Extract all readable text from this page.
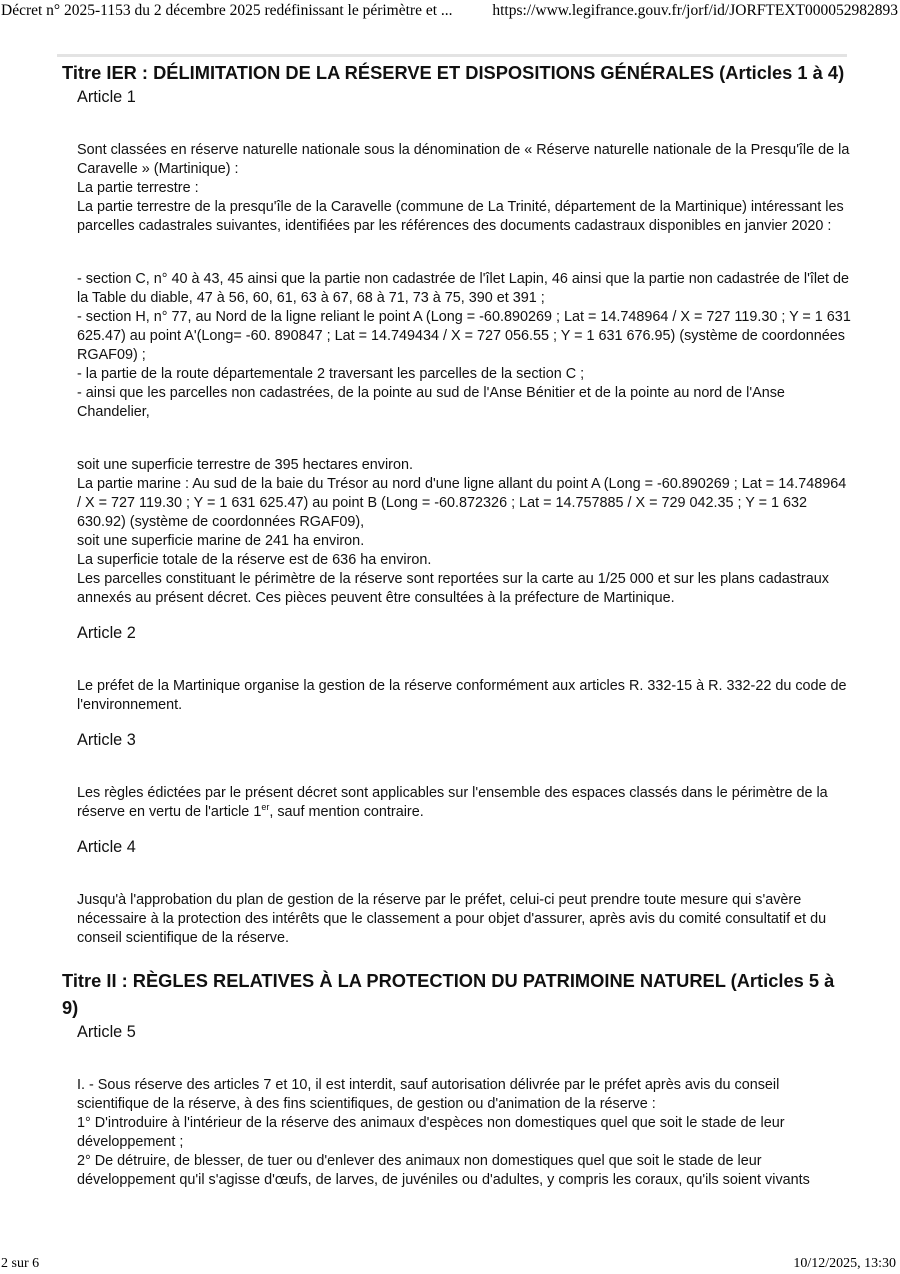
Décret n° 2025-1153 du 2 décembre 2025 redéfinissant le périmètre et ...	https://www.legifrance.gouv.fr/jorf/id/JORFTEXT000052982893
Titre IER : DÉLIMITATION DE LA RÉSERVE ET DISPOSITIONS GÉNÉRALES (Articles 1 à 4)
Article 1

Sont classées en réserve naturelle nationale sous la dénomination de « Réserve naturelle nationale de la Presqu'île de la Caravelle » (Martinique) :

La partie terrestre :

La partie terrestre de la presqu'île de la Caravelle (commune de La Trinité, département de la Martinique) intéressant les parcelles cadastrales suivantes, identifiées par les références des documents cadastraux disponibles en janvier 2020 :

- section C, n° 40 à 43, 45 ainsi que la partie non cadastrée de l'îlet Lapin, 46 ainsi que la partie non cadastrée de l'îlet de la Table du diable, 47 à 56, 60, 61, 63 à 67, 68 à 71, 73 à 75, 390 et 391 ;

- section H, n° 77, au Nord de la ligne reliant le point A (Long = -60.890269 ; Lat = 14.748964 / X = 727 119.30 ; Y = 1 631 625.47) au point A'(Long= -60. 890847 ; Lat = 14.749434 / X = 727 056.55 ; Y = 1 631 676.95) (système de coordonnées RGAF09) ;

- la partie de la route départementale 2 traversant les parcelles de la section C ;

- ainsi que les parcelles non cadastrées, de la pointe au sud de l'Anse Bénitier et de la pointe au nord de l'Anse Chandelier,

soit une superficie terrestre de 395 hectares environ.

La partie marine : Au sud de la baie du Trésor au nord d'une ligne allant du point A (Long = -60.890269 ; Lat = 14.748964 / X = 727 119.30 ; Y = 1 631 625.47) au point B (Long = -60.872326 ; Lat = 14.757885 / X = 729 042.35 ; Y = 1 632 630.92) (système de coordonnées RGAF09),

soit une superficie marine de 241 ha environ.

La superficie totale de la réserve est de 636 ha environ.

Les parcelles constituant le périmètre de la réserve sont reportées sur la carte au 1/25 000 et sur les plans cadastraux annexés au présent décret. Ces pièces peuvent être consultées à la préfecture de Martinique.

Article 2

Le préfet de la Martinique organise la gestion de la réserve conformément aux articles R. 332-15 à R. 332-22 du code de l'environnement.

Article 3

Les règles édictées par le présent décret sont applicables sur l'ensemble des espaces classés dans le périmètre de la réserve en vertu de l'article 1er, sauf mention contraire.

Article 4

Jusqu'à l'approbation du plan de gestion de la réserve par le préfet, celui-ci peut prendre toute mesure qui s'avère nécessaire à la protection des intérêts que le classement a pour objet d'assurer, après avis du comité consultatif et du conseil scientifique de la réserve.

Titre II : RÈGLES RELATIVES À LA PROTECTION DU PATRIMOINE NATUREL (Articles 5 à 9)
Article 5

I. - Sous réserve des articles 7 et 10, il est interdit, sauf autorisation délivrée par le préfet après avis du conseil scientifique de la réserve, à des fins scientifiques, de gestion ou d'animation de la réserve :

1° D'introduire à l'intérieur de la réserve des animaux d'espèces non domestiques quel que soit le stade de leur développement ;

2° De détruire, de blesser, de tuer ou d'enlever des animaux non domestiques quel que soit le stade de leur développement qu'il s'agisse d'œufs, de larves, de juvéniles ou d'adultes, y compris les coraux, qu'ils soient vivants

2 sur 6	10/12/2025, 13:30
